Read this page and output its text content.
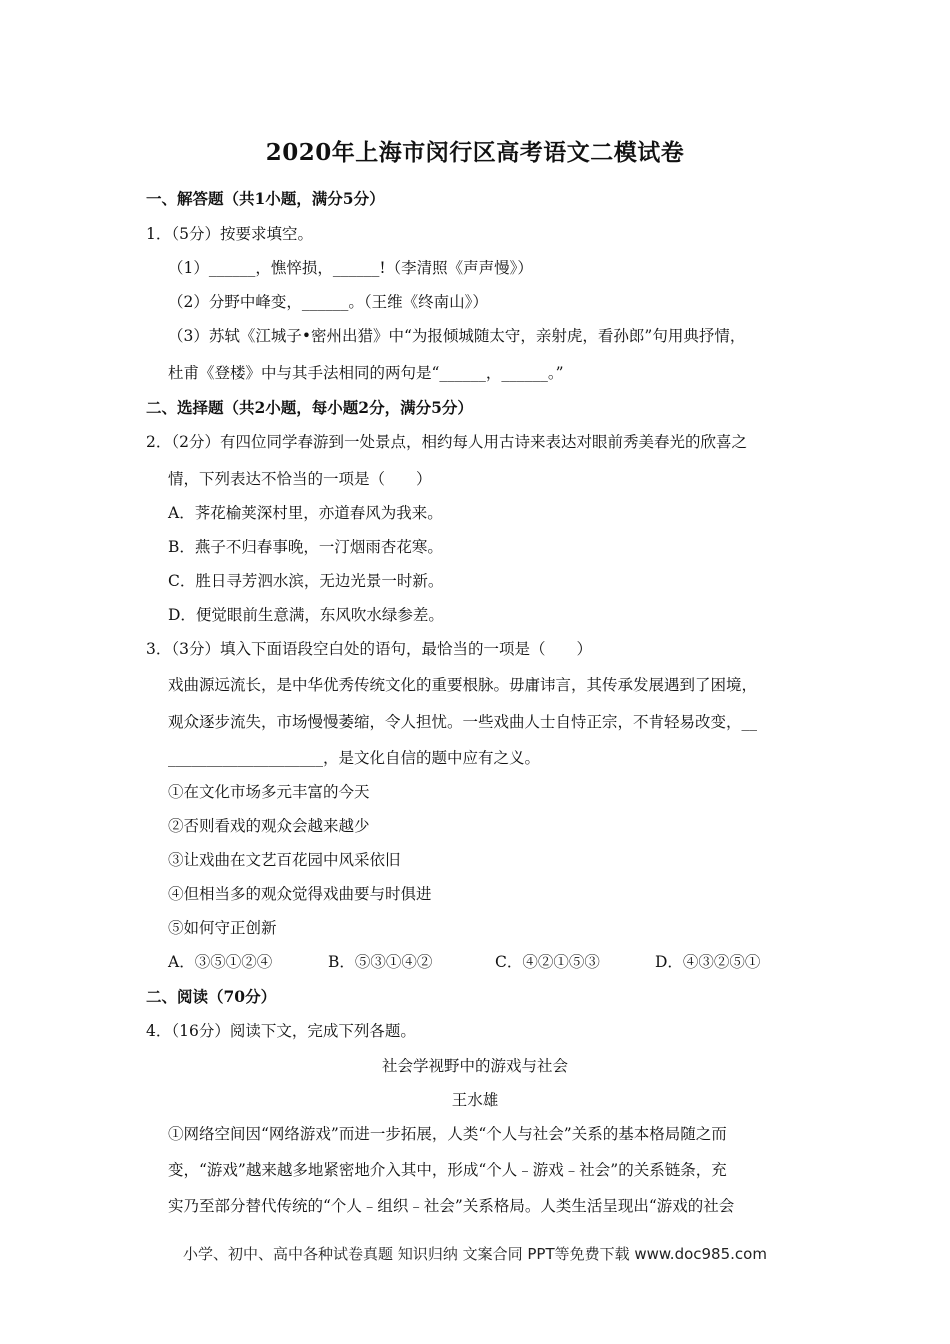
2020年上海市闵行区高考语文二模试卷
一、解答题（共1小题，满分5分）
1．（5分）按要求填空。
（1）______，憔悴损，______!（李清照《声声慢》）
（2）分野中峰变，______。（王维《终南山》）
（3）苏轼《江城子•密州出猎》中“为报倾城随太守，亲射虎，看孙郎”句用典抒情，
杜甫《登楼》中与其手法相同的两句是“______，______。”
二、选择题（共2小题，每小题2分，满分5分）
2．（2分）有四位同学春游到一处景点，相约每人用古诗来表达对眼前秀美春光的欣喜之
情，下列表达不恰当的一项是（　　）
A．荠花榆荚深村里，亦道春风为我来。
B．燕子不归春事晚，一汀烟雨杏花寒。
C．胜日寻芳泗水滨，无边光景一时新。
D．便觉眼前生意满，东风吹水绿参差。
3．（3分）填入下面语段空白处的语句，最恰当的一项是（　　）
戏曲源远流长，是中华优秀传统文化的重要根脉。毋庸讳言，其传承发展遇到了困境，
观众逐步流失，市场慢慢萎缩，令人担忧。一些戏曲人士自恃正宗，不肯轻易改变，__
____________________，是文化自信的题中应有之义。
①在文化市场多元丰富的今天
②否则看戏的观众会越来越少
③让戏曲在文艺百花园中风采依旧
④但相当多的观众觉得戏曲要与时俱进
⑤如何守正创新
A．③⑤①②④	B．⑤③①④②	C．④②①⑤③	D．④③②⑤①
二、阅读（70分）
4．（16分）阅读下文，完成下列各题。
社会学视野中的游戏与社会
王水雄
①网络空间因“网络游戏”而进一步拓展，人类“个人与社会”关系的基本格局随之而
变，“游戏”越来越多地紧密地介入其中，形成“个人﹣游戏﹣社会”的关系链条，充
实乃至部分替代传统的“个人﹣组织﹣社会”关系格局。人类生活呈现出“游戏的社会
小学、初中、高中各种试卷真题 知识归纳 文案合同 PPT等免费下载 www.doc985.com
